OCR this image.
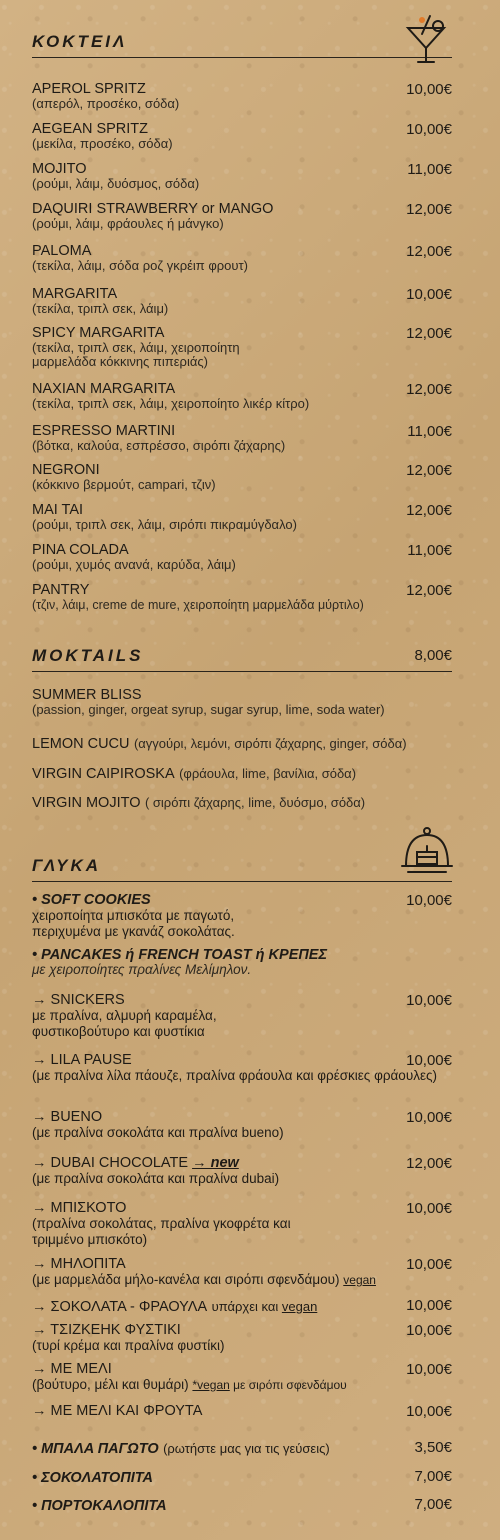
ΚΟΚΤΕΙΛ
APEROL SPRITZ
(απερόλ, προσέκο, σόδα)
10,00€
AEGEAN SPRITZ
(μεκίλα, προσέκο, σόδα)
10,00€
MOJITO
(ρούμι, λάιμ, δυόσμος, σόδα)
11,00€
DAQUIRI STRAWBERRY or MANGO
(ρούμι, λάιμ, φράουλες ή μάνγκο)
12,00€
PALOMA
(τεκίλα, λάιμ, σόδα ροζ γκρέιπ φρουτ)
12,00€
MARGARITA
(τεκίλα, τριπλ σεκ, λάιμ)
10,00€
SPICY MARGARITA
(τεκίλα, τριπλ σεκ, λάιμ, χειροποίητη μαρμελάδα κόκκινης πιπεριάς)
12,00€
NAXIAN MARGARITA
(τεκίλα, τριπλ σεκ, λάιμ, χειροποίητο λικέρ κίτρο)
12,00€
ESPRESSO MARTINI
(βότκα, καλούα, εσπρέσσο, σιρόπι ζάχαρης)
11,00€
NEGRONI
(κόκκινο βερμούτ, campari, τζιν)
12,00€
MAI TAI
(ρούμι, τριπλ σεκ, λάιμ, σιρόπι πικραμύγδαλο)
12,00€
PINA COLADA
(ρούμι, χυμός ανανά, καρύδα, λάιμ)
11,00€
PANTRY
(τζιν, λάιμ, creme de mure, χειροποίητη μαρμελάδα μύρτιλο)
12,00€
MOKTAILS	8,00€
SUMMER BLISS
(passion, ginger, orgeat syrup, sugar syrup, lime, soda water)
LEMON CUCU (αγγούρι, λεμόνι, σιρόπι ζάχαρης, ginger, σόδα)
VIRGIN CAIPIROSKA (φράουλα, lime, βανίλια, σόδα)
VIRGIN MOJITO ( σιρόπι ζάχαρης, lime, δυόσμο, σόδα)
ΓΛΥΚΑ
• SOFT COOKIES
χειροποίητα μπισκότα με παγωτό, περιχυμένα με γκανάζ σοκολάτας.
10,00€
• PANCAKES ή FRENCH TOAST ή ΚΡΕΠΕΣ
με χειροποίητες πραλίνες Μελίμηλον.
→ SNICKERS
με πραλίνα, αλμυρή καραμέλα, φυστικοβούτυρο και φυστίκια
10,00€
→ LILA PAUSE
(με πραλίνα λίλα πάουζε, πραλίνα φράουλα και φρέσκιες φράουλες)
10,00€
→ BUENO
(με πραλίνα σοκολάτα και πραλίνα bueno)
10,00€
→ DUBAI CHOCOLATE → new
(με πραλίνα σοκολάτα και πραλίνα dubai)
12,00€
→ ΜΠΙΣΚΟΤΟ
(πραλίνα σοκολάτας, πραλίνα γκοφρέτα και τριμμένο μπισκότο)
10,00€
→ ΜΗΛΟΠΙΤΑ
(με μαρμελάδα μήλο-κανέλα και σιρόπι σφενδάμου) vegan
10,00€
→ ΣΟΚΟΛΑΤΑ - ΦΡΑΟΥΛΑ υπάρχει και vegan	10,00€
→ ΤΣΙΖΚΕΗΚ ΦΥΣΤΙΚΙ
(τυρί κρέμα και πραλίνα φυστίκι)
10,00€
→ ΜΕ ΜΕΛΙ
(βούτυρο, μέλι και θυμάρι) *vegan με σιρόπι σφενδάμου
10,00€
→ ΜΕ ΜΕΛΙ ΚΑΙ ΦΡΟΥΤΑ	10,00€
• ΜΠΑΛΑ ΠΑΓΩΤΟ (ρωτήστε μας για τις γεύσεις)	3,50€
• ΣΟΚΟΛΑΤΟΠΙΤΑ	7,00€
• ΠΟΡΤΟΚΑΛΟΠΙΤΑ	7,00€
